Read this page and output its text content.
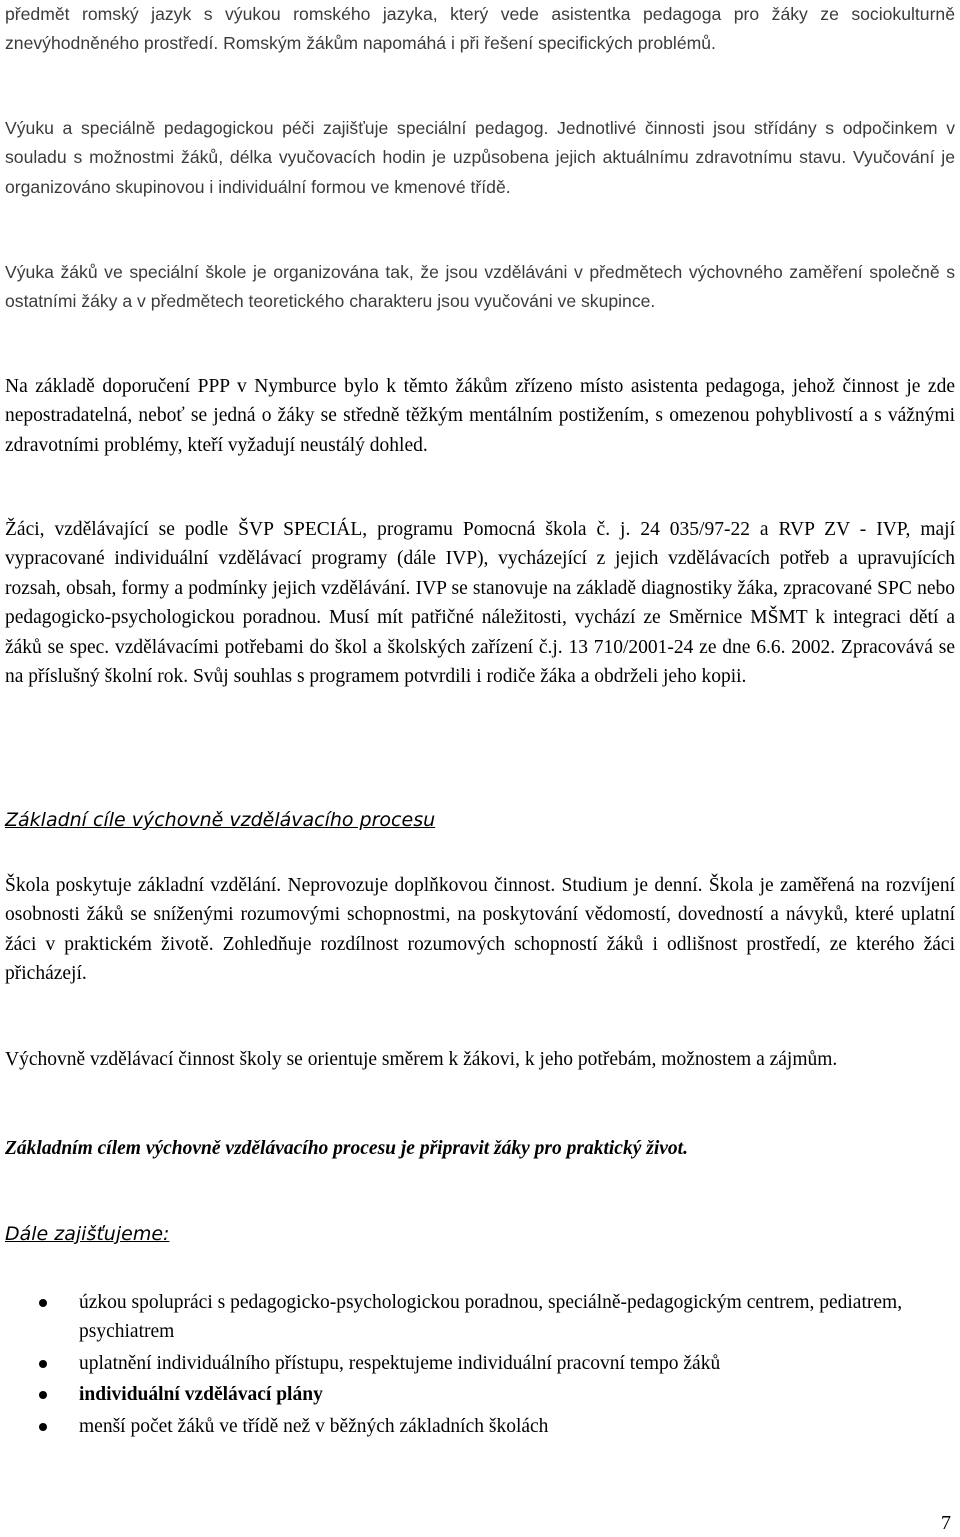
předmět romský jazyk s výukou romského jazyka, který vede asistentka pedagoga pro žáky ze sociokulturně znevýhodněného prostředí. Romským žákům napomáhá i při řešení specifických problémů.

Výuku a speciálně pedagogickou péči zajišťuje speciální pedagog. Jednotlivé činnosti jsou střídány s odpočinkem v souladu s možnostmi žáků, délka vyučovacích hodin je uzpůsobena jejich aktuálnímu zdravotnímu stavu. Vyučování je organizováno skupinovou i individuální formou ve kmenové třídě.

Výuka žáků ve speciální škole je organizována tak, že jsou vzděláváni v předmětech výchovného zaměření společně s ostatními žáky a v předmětech teoretického charakteru jsou vyučováni ve skupince.

Na základě doporučení PPP v Nymburce bylo k těmto žákům zřízeno místo asistenta pedagoga, jehož činnost je zde nepostradatelná, neboť se jedná o žáky se středně těžkým mentálním postižením, s omezenou pohyblivostí a s vážnými zdravotními problémy, kteří vyžadují neustálý dohled.

Žáci, vzdělávající se podle ŠVP SPECIÁL, programu Pomocná škola č. j. 24 035/97-22 a RVP ZV - IVP, mají vypracované individuální vzdělávací programy (dále IVP), vycházející z jejich vzdělávacích potřeb a upravujících rozsah, obsah, formy a podmínky jejich vzdělávání. IVP se stanovuje na základě diagnostiky žáka, zpracované SPC nebo pedagogicko-psychologickou poradnou. Musí mít patřičné náležitosti, vychází ze Směrnice MŠMT k integraci dětí a žáků se spec. vzdělávacími potřebami do škol a školských zařízení č.j. 13 710/2001-24 ze dne 6.6. 2002. Zpracovává se na příslušný školní rok. Svůj souhlas s programem potvrdili i rodiče žáka a obdrželi jeho kopii.

Základní cíle výchovně vzdělávacího procesu

Škola poskytuje základní vzdělání. Neprovozuje doplňkovou činnost. Studium je denní. Škola je zaměřená na rozvíjení osobnosti žáků se sníženými rozumovými schopnostmi, na poskytování vědomostí, dovedností a návyků, které uplatní žáci v praktickém životě. Zohledňuje rozdílnost rozumových schopností žáků i odlišnost prostředí, ze kterého žáci přicházejí.

Výchovně vzdělávací činnost školy se orientuje směrem k žákovi, k jeho potřebám, možnostem a zájmům.

Základním cílem výchovně vzdělávacího procesu je připravit žáky pro praktický život.

Dále zajišťujeme:
úzkou spolupráci s pedagogicko-psychologickou poradnou, speciálně-pedagogickým centrem, pediatrem, psychiatrem
uplatnění individuálního přístupu, respektujeme individuální pracovní tempo žáků
individuální vzdělávací plány
menší počet žáků ve třídě než v běžných základních školách
7
